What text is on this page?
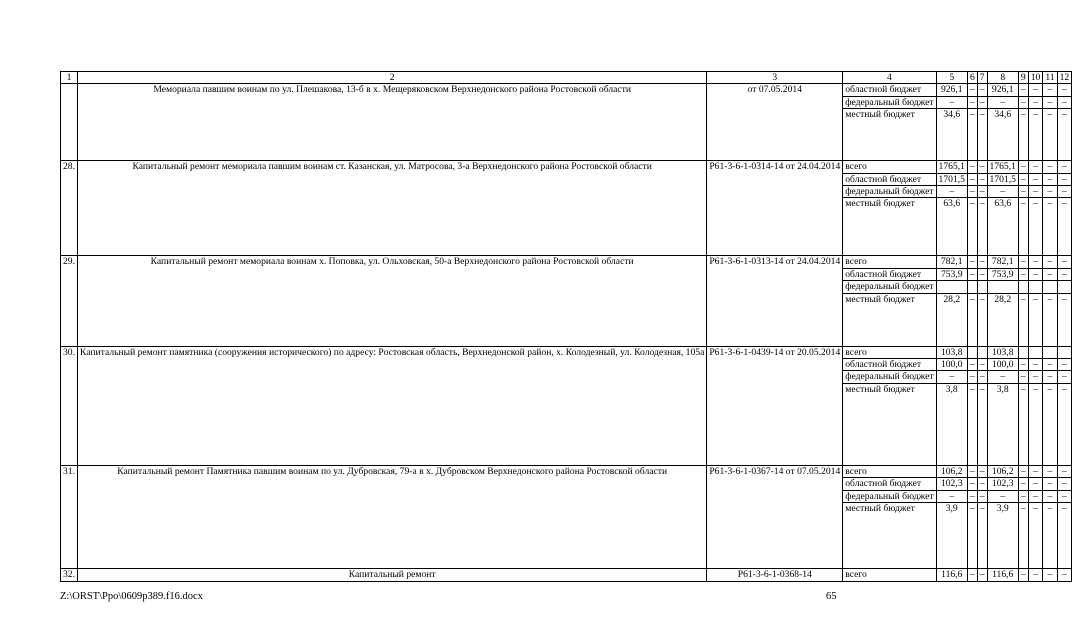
1	2	3	4	5	6	7	8	9	10	11	12
	Мемориала павшим воинам по ул. Плешакова, 13-б в х. Мещеряковском Верхнедонского района Ростовской области	от 07.05.2014	областной бюджет	926,1	–	–	926,1	–	–	–	–
			федеральный бюджет	–	–	–	–	–	–	–	–
			местный бюджет	34,6	–	–	34,6	–	–	–	–
28.	Капитальный ремонт мемориала павшим воинам ст. Казанская, ул. Матросова, 3-а Верхнедонского района Ростовской области	Р61-3-6-1-0314-14 от 24.04.2014	всего	1765,1	–	–	1765,1	–	–	–	–
			областной бюджет	1701,5	–	–	1701,5	–	–	–	–
			федеральный бюджет	–	–	–	–	–	–	–	–
			местный бюджет	63,6	–	–	63,6	–	–	–	–
29.	Капитальный ремонт мемориала воинам х. Поповка, ул. Ольховская, 50-а Верхнедонского района Ростовской области	Р61-3-6-1-0313-14 от 24.04.2014	всего	782,1	–	–	782,1	–	–	–	–
			областной бюджет	753,9	–	–	753,9	–	–	–	–
			федеральный бюджет								
			местный бюджет	28,2	–	–	28,2	–	–	–	–
30.	Капитальный ремонт памятника (сооружения исторического) по адресу: Ростовская область, Верхнедонской район, х. Колодезный, ул. Колодезная, 105а	Р61-3-6-1-0439-14 от 20.05.2014	всего	103,8			103,8				
			областной бюджет	100,0	–	–	100,0	–	–	–	–
			федеральный бюджет	–	–	–	–	–	–	–	–
			местный бюджет	3,8	–	–	3,8	–	–	–	–
31.	Капитальный ремонт Памятника павшим воинам по ул. Дубровская, 79-а в х. Дубровском Верхнедонского района Ростовской области	Р61-3-6-1-0367-14 от 07.05.2014	всего	106,2	–	–	106,2	–	–	–	–
			областной бюджет	102,3	–	–	102,3	–	–	–	–
			федеральный бюджет	–	–	–	–	–	–	–	–
			местный бюджет	3,9	–	–	3,9	–	–	–	–
32.	Капитальный ремонт	Р61-3-6-1-0368-14	всего	116,6	–	–	116,6	–	–	–	–
Z:\ORST\Ppo\0609p389.f16.docx	65
